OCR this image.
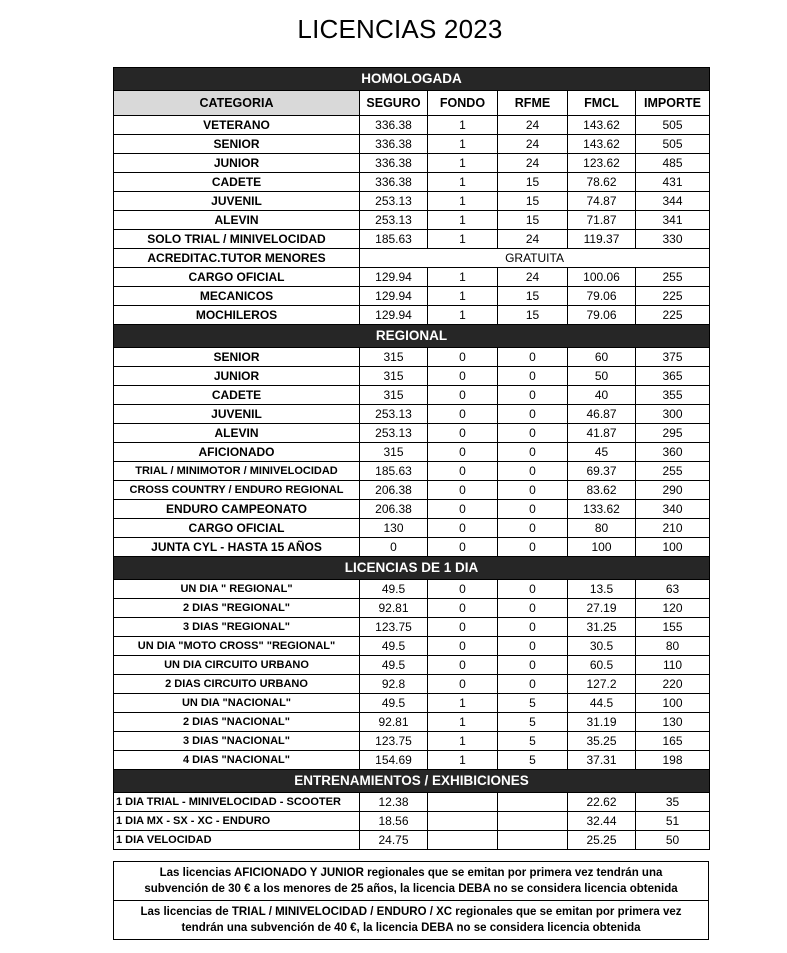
LICENCIAS 2023
HOMOLOGADA					
CATEGORIA	SEGURO	FONDO	RFME	FMCL	IMPORTE
VETERANO	336.38	1	24	143.62	505
SENIOR	336.38	1	24	143.62	505
JUNIOR	336.38	1	24	123.62	485
CADETE	336.38	1	15	78.62	431
JUVENIL	253.13	1	15	74.87	344
ALEVIN	253.13	1	15	71.87	341
SOLO TRIAL / MINIVELOCIDAD	185.63	1	24	119.37	330
ACREDITAC.TUTOR MENORES	GRATUITA				
CARGO OFICIAL	129.94	1	24	100.06	255
MECANICOS	129.94	1	15	79.06	225
MOCHILEROS	129.94	1	15	79.06	225
REGIONAL					
SENIOR	315	0	0	60	375
JUNIOR	315	0	0	50	365
CADETE	315	0	0	40	355
JUVENIL	253.13	0	0	46.87	300
ALEVIN	253.13	0	0	41.87	295
AFICIONADO	315	0	0	45	360
TRIAL / MINIMOTOR / MINIVELOCIDAD	185.63	0	0	69.37	255
CROSS COUNTRY / ENDURO REGIONAL	206.38	0	0	83.62	290
ENDURO CAMPEONATO	206.38	0	0	133.62	340
CARGO OFICIAL	130	0	0	80	210
JUNTA CYL - HASTA 15 AÑOS	0	0	0	100	100
LICENCIAS DE 1 DIA					
UN DIA " REGIONAL"	49.5	0	0	13.5	63
2 DIAS "REGIONAL"	92.81	0	0	27.19	120
3 DIAS "REGIONAL"	123.75	0	0	31.25	155
UN DIA "MOTO CROSS" "REGIONAL"	49.5	0	0	30.5	80
UN DIA CIRCUITO URBANO	49.5	0	0	60.5	110
2 DIAS CIRCUITO URBANO	92.8	0	0	127.2	220
UN DIA "NACIONAL"	49.5	1	5	44.5	100
2 DIAS "NACIONAL"	92.81	1	5	31.19	130
3 DIAS "NACIONAL"	123.75	1	5	35.25	165
4 DIAS "NACIONAL"	154.69	1	5	37.31	198
ENTRENAMIENTOS / EXHIBICIONES					
1 DIA TRIAL - MINIVELOCIDAD - SCOOTER	12.38			22.62	35
1 DIA MX - SX - XC - ENDURO	18.56			32.44	51
1 DIA VELOCIDAD	24.75			25.25	50
Las licencias AFICIONADO Y JUNIOR regionales que se emitan por primera vez tendrán una
subvención de 30 € a los menores de 25 años, la licencia DEBA no se considera licencia obtenida

Las licencias de TRIAL / MINIVELOCIDAD / ENDURO / XC regionales que se emitan por primera vez
tendrán una subvención de 40 €, la licencia DEBA no se considera licencia obtenida
